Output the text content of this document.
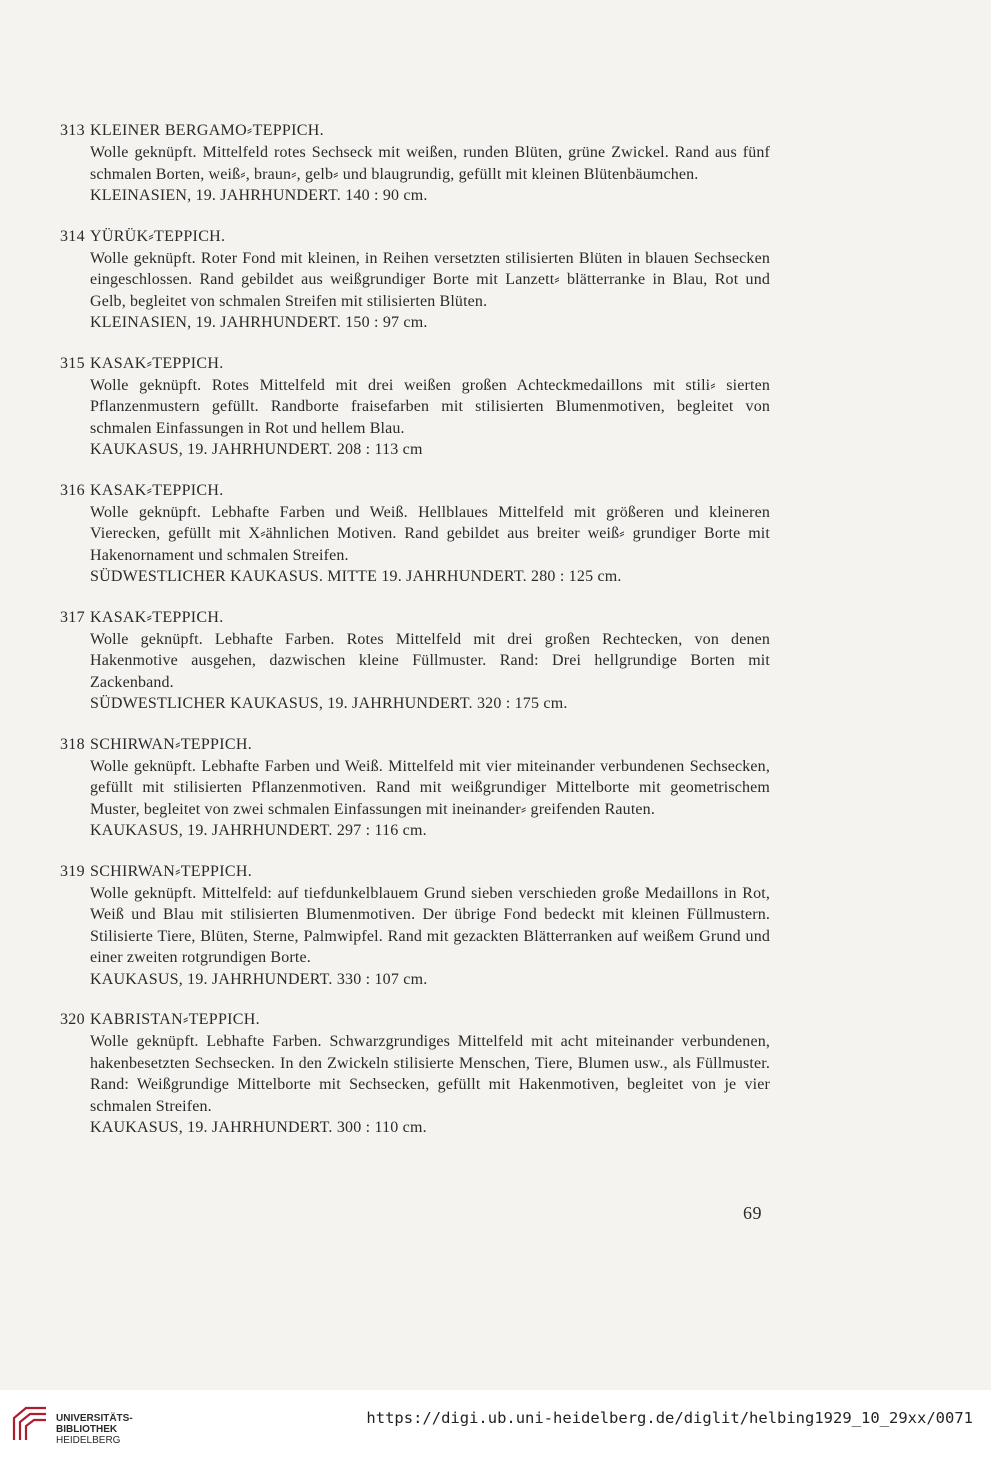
313 KLEINER BERGAMO⸗TEPPICH.
Wolle geknüpft. Mittelfeld rotes Sechseck mit weißen, runden Blüten, grüne Zwickel. Rand aus fünf schmalen Borten, weiß⸗, braun⸗, gelb⸗ und blaugrundig, gefüllt mit kleinen Blütenbäumchen.
KLEINASIEN, 19. JAHRHUNDERT. 140 : 90 cm.
314 YÜRÜK⸗TEPPICH.
Wolle geknüpft. Roter Fond mit kleinen, in Reihen versetzten stilisierten Blüten in blauen Sechsecken eingeschlossen. Rand gebildet aus weißgrundiger Borte mit Lanzett⸗ blätterranke in Blau, Rot und Gelb, begleitet von schmalen Streifen mit stilisierten Blüten.
KLEINASIEN, 19. JAHRHUNDERT. 150 : 97 cm.
315 KASAK⸗TEPPICH.
Wolle geknüpft. Rotes Mittelfeld mit drei weißen großen Achteckmedaillons mit stili⸗ sierten Pflanzenmustern gefüllt. Randborte fraisefarben mit stilisierten Blumenmotiven, begleitet von schmalen Einfassungen in Rot und hellem Blau.
KAUKASUS, 19. JAHRHUNDERT. 208 : 113 cm
316 KASAK⸗TEPPICH.
Wolle geknüpft. Lebhafte Farben und Weiß. Hellblaues Mittelfeld mit größeren und kleineren Vierecken, gefüllt mit X⸗ähnlichen Motiven. Rand gebildet aus breiter weiß⸗ grundiger Borte mit Hakenornament und schmalen Streifen.
SÜDWESTLICHER KAUKASUS. MITTE 19. JAHRHUNDERT. 280 : 125 cm.
317 KASAK⸗TEPPICH.
Wolle geknüpft. Lebhafte Farben. Rotes Mittelfeld mit drei großen Rechtecken, von denen Hakenmotive ausgehen, dazwischen kleine Füllmuster. Rand: Drei hellgrundige Borten mit Zackenband.
SÜDWESTLICHER KAUKASUS, 19. JAHRHUNDERT. 320 : 175 cm.
318 SCHIRWAN⸗TEPPICH.
Wolle geknüpft. Lebhafte Farben und Weiß. Mittelfeld mit vier miteinander verbundenen Sechsecken, gefüllt mit stilisierten Pflanzenmotiven. Rand mit weißgrundiger Mittelborte mit geometrischem Muster, begleitet von zwei schmalen Einfassungen mit ineinander⸗ greifenden Rauten.
KAUKASUS, 19. JAHRHUNDERT. 297 : 116 cm.
319 SCHIRWAN⸗TEPPICH.
Wolle geknüpft. Mittelfeld: auf tiefdunkelblauem Grund sieben verschieden große Medaillons in Rot, Weiß und Blau mit stilisierten Blumenmotiven. Der übrige Fond bedeckt mit kleinen Füllmustern. Stilisierte Tiere, Blüten, Sterne, Palmwipfel. Rand mit gezackten Blätterranken auf weißem Grund und einer zweiten rotgrundigen Borte.
KAUKASUS, 19. JAHRHUNDERT. 330 : 107 cm.
320 KABRISTAN⸗TEPPICH.
Wolle geknüpft. Lebhafte Farben. Schwarzgrundiges Mittelfeld mit acht miteinander verbundenen, hakenbesetzten Sechsecken. In den Zwickeln stilisierte Menschen, Tiere, Blumen usw., als Füllmuster. Rand: Weißgrundige Mittelborte mit Sechsecken, gefüllt mit Hakenmotiven, begleitet von je vier schmalen Streifen.
KAUKASUS, 19. JAHRHUNDERT. 300 : 110 cm.
69
UNIVERSITÄTS-
BIBLIOTHEK
HEIDELBERG
https://digi.ub.uni-heidelberg.de/diglit/helbing1929_10_29xx/0071
